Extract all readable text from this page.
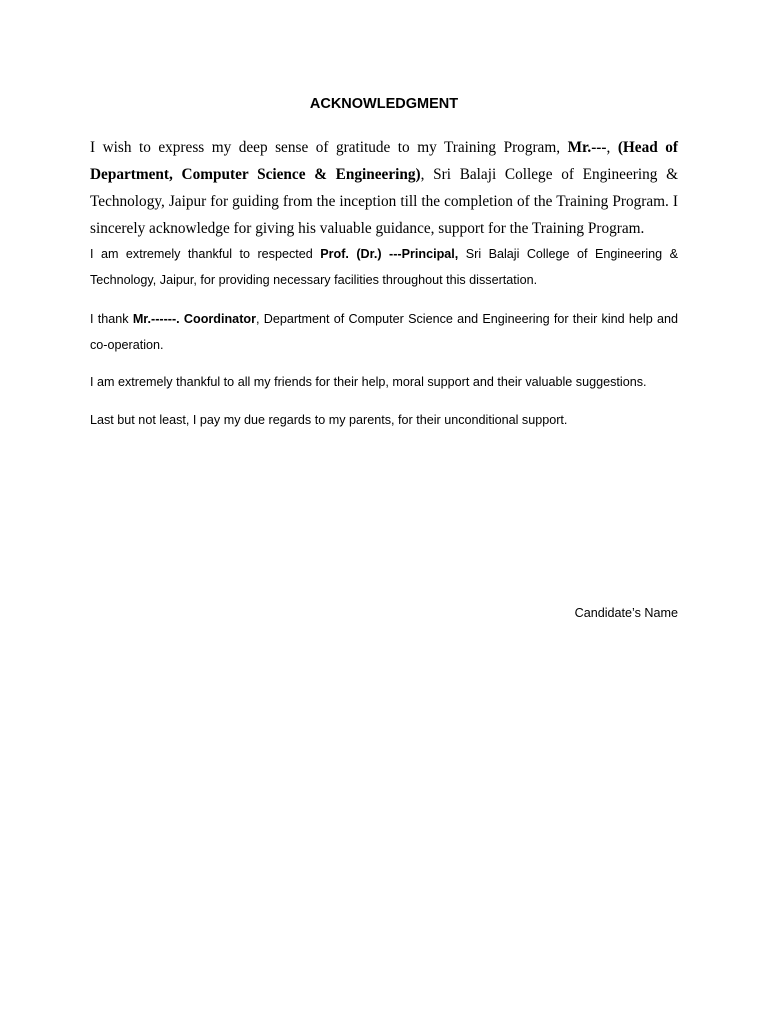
ACKNOWLEDGMENT

I wish to express my deep sense of gratitude to my Training Program, Mr.---, (Head of Department, Computer Science & Engineering), Sri Balaji College of Engineering & Technology, Jaipur for guiding from the inception till the completion of the Training Program. I sincerely acknowledge for giving his valuable guidance, support for the Training Program.

I am extremely thankful to respected Prof. (Dr.) ---Principal, Sri Balaji College of Engineering & Technology, Jaipur, for providing necessary facilities throughout this dissertation.

I thank Mr.------. Coordinator, Department of Computer Science and Engineering for their kind help and co-operation.

I am extremely thankful to all my friends for their help, moral support and their valuable suggestions.

Last but not least, I pay my due regards to my parents, for their unconditional support.

Candidate’s Name
